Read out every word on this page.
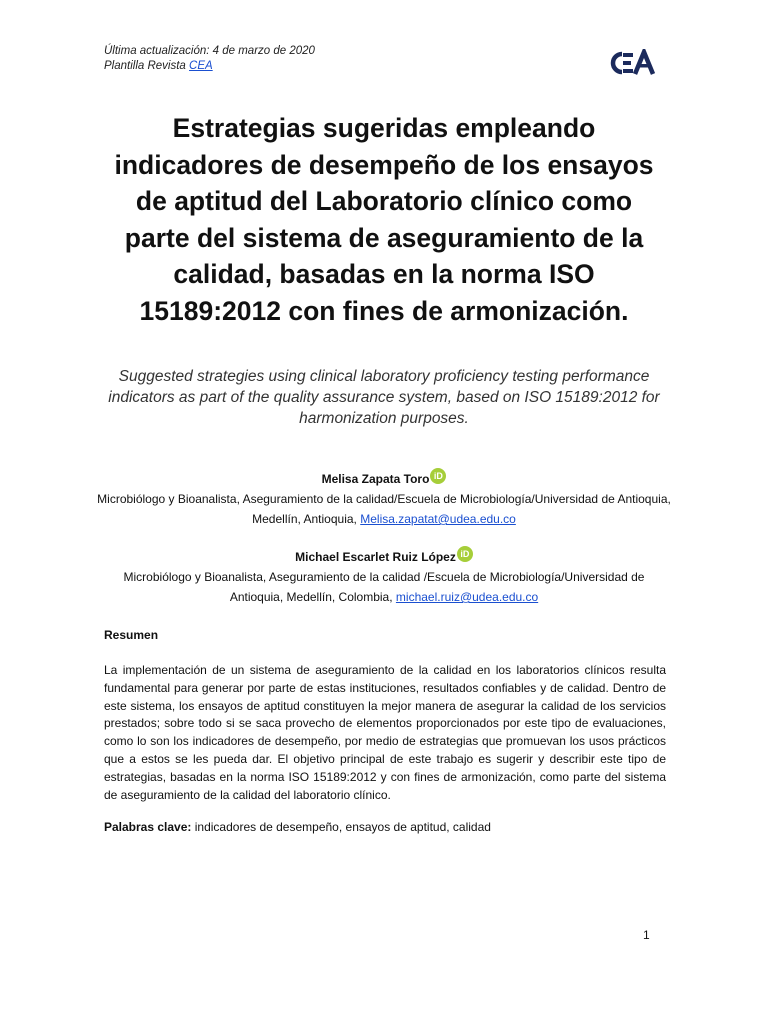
Última actualización: 4 de marzo de 2020
Plantilla Revista CEA
Estrategias sugeridas empleando indicadores de desempeño de los ensayos de aptitud del Laboratorio clínico como parte del sistema de aseguramiento de la calidad, basadas en la norma ISO 15189:2012 con fines de armonización.
Suggested strategies using clinical laboratory proficiency testing performance indicators as part of the quality assurance system, based on ISO 15189:2012 for harmonization purposes.
Melisa Zapata Toro iD
Microbiólogo y Bioanalista, Aseguramiento de la calidad/Escuela de Microbiología/Universidad de Antioquia, Medellín, Antioquia, Melisa.zapatat@udea.edu.co
Michael Escarlet Ruiz López iD
Microbiólogo y Bioanalista, Aseguramiento de la calidad /Escuela de Microbiología/Universidad de Antioquia, Medellín, Colombia, michael.ruiz@udea.edu.co
Resumen
La implementación de un sistema de aseguramiento de la calidad en los laboratorios clínicos resulta fundamental para generar por parte de estas instituciones, resultados confiables y de calidad. Dentro de este sistema, los ensayos de aptitud constituyen la mejor manera de asegurar la calidad de los servicios prestados; sobre todo si se saca provecho de elementos proporcionados por este tipo de evaluaciones, como lo son los indicadores de desempeño, por medio de estrategias que promuevan los usos prácticos que a estos se les pueda dar. El objetivo principal de este trabajo es sugerir y describir este tipo de estrategias, basadas en la norma ISO 15189:2012 y con fines de armonización, como parte del sistema de aseguramiento de la calidad del laboratorio clínico.
Palabras clave: indicadores de desempeño, ensayos de aptitud, calidad
1
